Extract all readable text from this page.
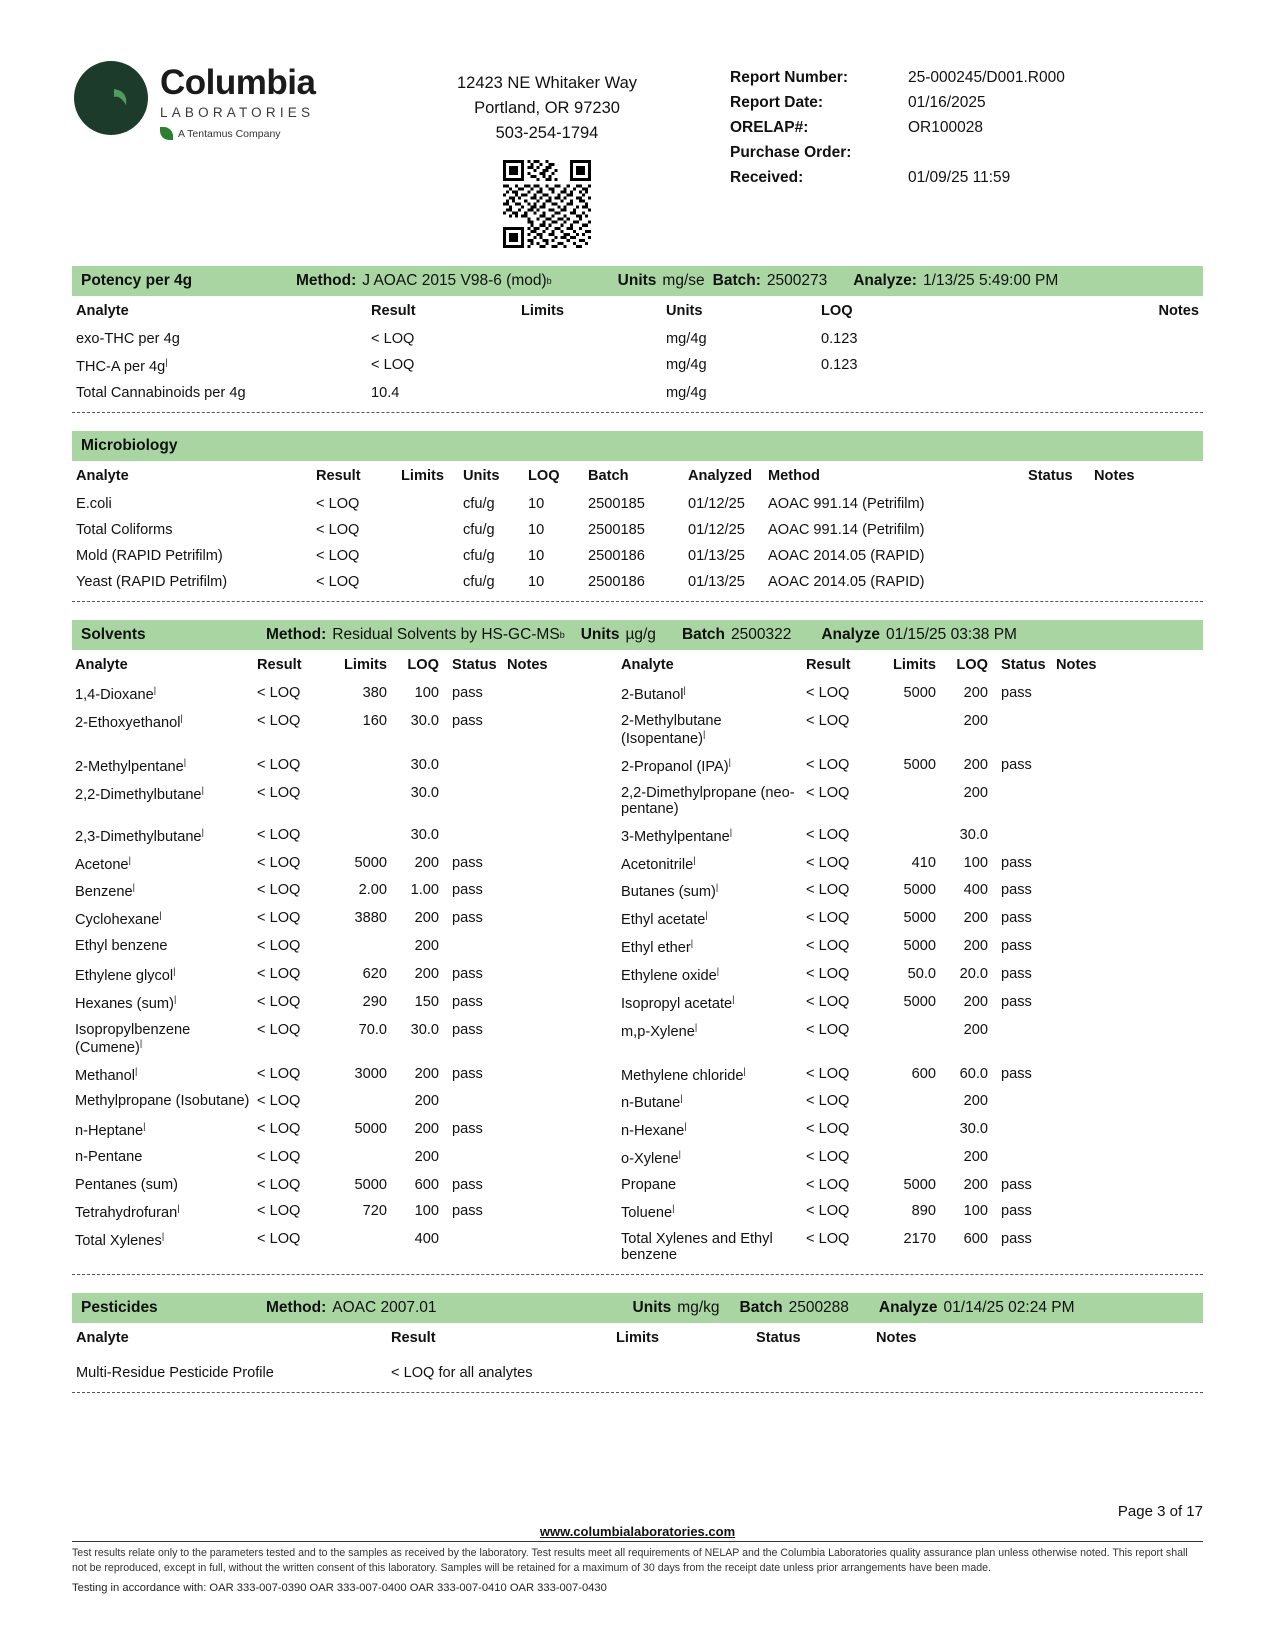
Columbia
LABORATORIES
A Tentamus Company
12423 NE Whitaker Way
Portland, OR 97230
503-254-1794
Report Number:	25-000245/D001.R000
Report Date:	01/16/2025
ORELAP#:	OR100028
Purchase Order:
Received:	01/09/25 11:59
Potency per 4g	Method: J AOAC 2015 V98-6 (mod) b	Units mg/se Batch: 2500273 Analyze: 1/13/25 5:49:00 PM
Analyte	Result	Limits	Units	LOQ	Notes
exo-THC per 4g	< LOQ		mg/4g	0.123	
THC-A per 4g|	< LOQ		mg/4g	0.123	
Total Cannabinoids per 4g	10.4		mg/4g		
Microbiology
Analyte	Result	Limits	Units	LOQ	Batch	Analyzed	Method	Status	Notes
E.coli	< LOQ		cfu/g	10	2500185	01/12/25	AOAC 991.14 (Petrifilm)		
Total Coliforms	< LOQ		cfu/g	10	2500185	01/12/25	AOAC 991.14 (Petrifilm)		
Mold (RAPID Petrifilm)	< LOQ		cfu/g	10	2500186	01/13/25	AOAC 2014.05 (RAPID)		
Yeast (RAPID Petrifilm)	< LOQ		cfu/g	10	2500186	01/13/25	AOAC 2014.05 (RAPID)		
Solvents	Method: Residual Solvents by HS-GC-MS b Units µg/g Batch 2500322 Analyze 01/15/25 03:38 PM
Analyte	Result	Limits	LOQ	Status	Notes		Analyte	Result	Limits	LOQ	Status	Notes
1,4-Dioxane|	< LOQ	380	100	pass			2-Butanol|	< LOQ	5000	200	pass	
2-Ethoxyethanol|	< LOQ	160	30.0	pass			2-Methylbutane (Isopentane)|	< LOQ		200		
2-Methylpentane|	< LOQ		30.0				2-Propanol (IPA)|	< LOQ	5000	200	pass	
2,2-Dimethylbutane|	< LOQ		30.0				2,2-Dimethylpropane (neo-pentane)	< LOQ		200		
2,3-Dimethylbutane|	< LOQ		30.0				3-Methylpentane|	< LOQ		30.0		
Acetone|	< LOQ	5000	200	pass			Acetonitrile|	< LOQ	410	100	pass	
Benzene|	< LOQ	2.00	1.00	pass			Butanes (sum)|	< LOQ	5000	400	pass	
Cyclohexane|	< LOQ	3880	200	pass			Ethyl acetate|	< LOQ	5000	200	pass	
Ethyl benzene	< LOQ		200				Ethyl ether|	< LOQ	5000	200	pass	
Ethylene glycol|	< LOQ	620	200	pass			Ethylene oxide|	< LOQ	50.0	20.0	pass	
Hexanes (sum)|	< LOQ	290	150	pass			Isopropyl acetate|	< LOQ	5000	200	pass	
Isopropylbenzene (Cumene)|	< LOQ	70.0	30.0	pass			m,p-Xylene|	< LOQ		200		
Methanol|	< LOQ	3000	200	pass			Methylene chloride|	< LOQ	600	60.0	pass	
Methylpropane (Isobutane)	< LOQ		200				n-Butane|	< LOQ		200		
n-Heptane|	< LOQ	5000	200	pass			n-Hexane|	< LOQ		30.0		
n-Pentane	< LOQ		200				o-Xylene|	< LOQ		200		
Pentanes (sum)	< LOQ	5000	600	pass			Propane	< LOQ	5000	200	pass	
Tetrahydrofuran|	< LOQ	720	100	pass			Toluene|	< LOQ	890	100	pass	
Total Xylenes|	< LOQ		400				Total Xylenes and Ethyl benzene	< LOQ	2170	600	pass	
Pesticides	Method: AOAC 2007.01	Units mg/kg Batch 2500288 Analyze 01/14/25 02:24 PM
Analyte	Result	Limits	Status	Notes
Multi-Residue Pesticide Profile	< LOQ for all analytes			
Page 3 of 17
www.columbialaboratories.com
Test results relate only to the parameters tested and to the samples as received by the laboratory. Test results meet all requirements of NELAP and the Columbia Laboratories quality assurance plan unless otherwise noted. This report shall not be reproduced, except in full, without the written consent of this laboratory. Samples will be retained for a maximum of 30 days from the receipt date unless prior arrangements have been made.
Testing in accordance with: OAR 333-007-0390 OAR 333-007-0400 OAR 333-007-0410 OAR 333-007-0430
